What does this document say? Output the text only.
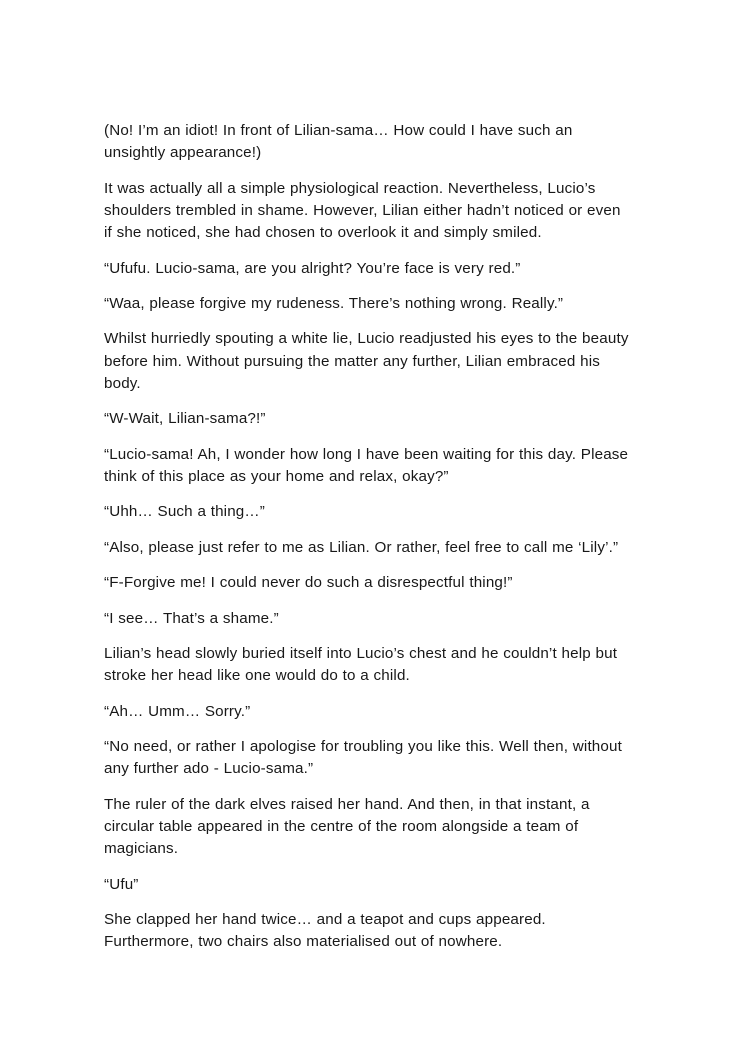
(No! I’m an idiot! In front of Lilian-sama… How could I have such an unsightly appearance!)

It was actually all a simple physiological reaction. Nevertheless, Lucio’s shoulders trembled in shame. However, Lilian either hadn’t noticed or even if she noticed, she had chosen to overlook it and simply smiled.

“Ufufu. Lucio-sama, are you alright? You’re face is very red.”

“Waa, please forgive my rudeness. There’s nothing wrong. Really.”

Whilst hurriedly spouting a white lie, Lucio readjusted his eyes to the beauty before him. Without pursuing the matter any further, Lilian embraced his body.

“W-Wait, Lilian-sama?!”

“Lucio-sama! Ah, I wonder how long I have been waiting for this day. Please think of this place as your home and relax, okay?”

“Uhh… Such a thing…”

“Also, please just refer to me as Lilian. Or rather, feel free to call me ‘Lily’.”

“F-Forgive me! I could never do such a disrespectful thing!”

“I see… That’s a shame.”

Lilian’s head slowly buried itself into Lucio’s chest and he couldn’t help but stroke her head like one would do to a child.

“Ah… Umm… Sorry.”

“No need, or rather I apologise for troubling you like this. Well then, without any further ado - Lucio-sama.”

The ruler of the dark elves raised her hand. And then, in that instant, a circular table appeared in the centre of the room alongside a team of magicians.

“Ufu”

She clapped her hand twice… and a teapot and cups appeared. Furthermore, two chairs also materialised out of nowhere.
